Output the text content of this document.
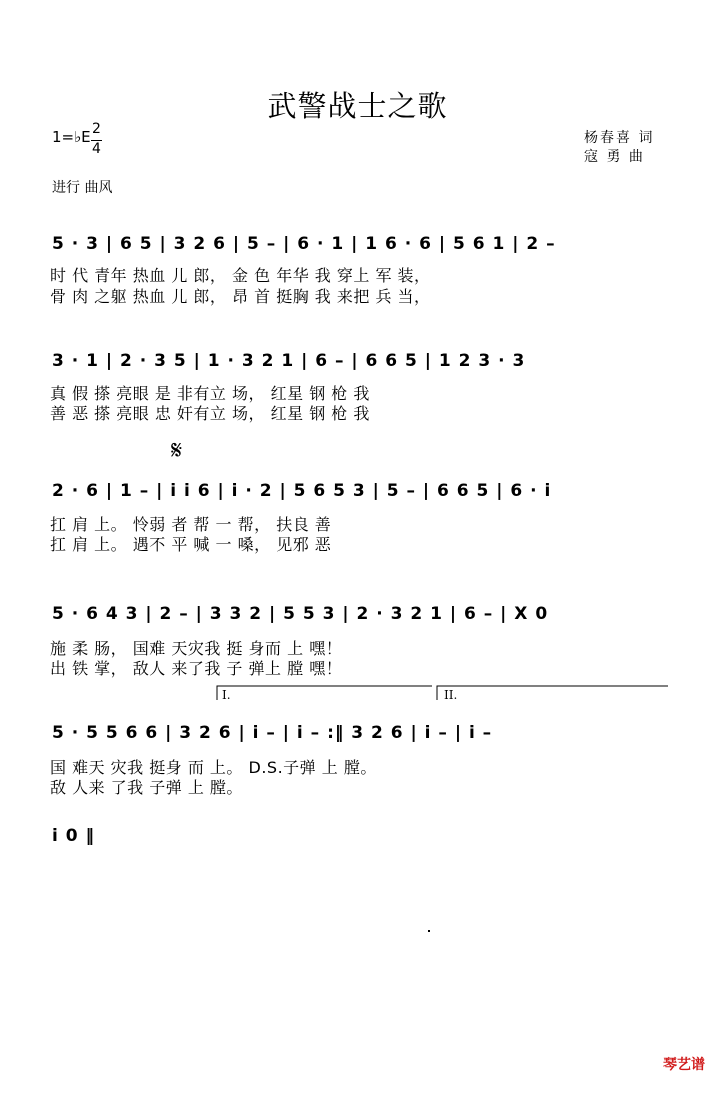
武警战士之歌
1=♭E 2
4
杨春喜 词
寇 勇 曲
进行 曲风
时 代 青年 热血 儿 郎， 金 色 年华 我 穿上 军 装，
骨 肉 之躯 热血 儿 郎， 昂 首 挺胸 我 来把 兵 当，
真 假 搽 亮眼 是 非有立 场， 红星 钢 枪 我
善 恶 搽 亮眼 忠 奸有立 场， 红星 钢 枪 我
扛 肩 上。 怜弱 者 帮 一 帮， 扶良 善
扛 肩 上。 遇不 平 喊 一 嗓， 见邪 恶
施 柔 肠， 国难 天灾我 挺 身而 上 嘿！
出 铁 掌， 敌人 来了我 子 弹上 膛 嘿！
国 难天 灾我 挺身 而 上。 D.S.子弹 上 膛。
敌 人来 了我 子弹 上 膛。
5 · 3 | 6 5 | 3 2 6 | 5 – | 6 · 1 | 1 6 · 6 | 5 6 1 | 2 –
3 · 1 | 2 · 3 5 | 1 · 3 2 1 | 6 – | 6 6 5 | 1 2 3 · 3
2 · 6 | 1 – | i i 6 | i · 2 | 5 6 5 3 | 5 – | 6 6 5 | 6 · i
5 · 6 4 3 | 2 – | 3 3 2 | 5 5 3 | 2 · 3 2 1 | 6 – | X 0
5 · 5 5 6 6 | 3 2 6 | i – | i – :‖ 3 2 6 | i – | i –
i 0 ‖
𝄋
I.	II.
琴艺谱
